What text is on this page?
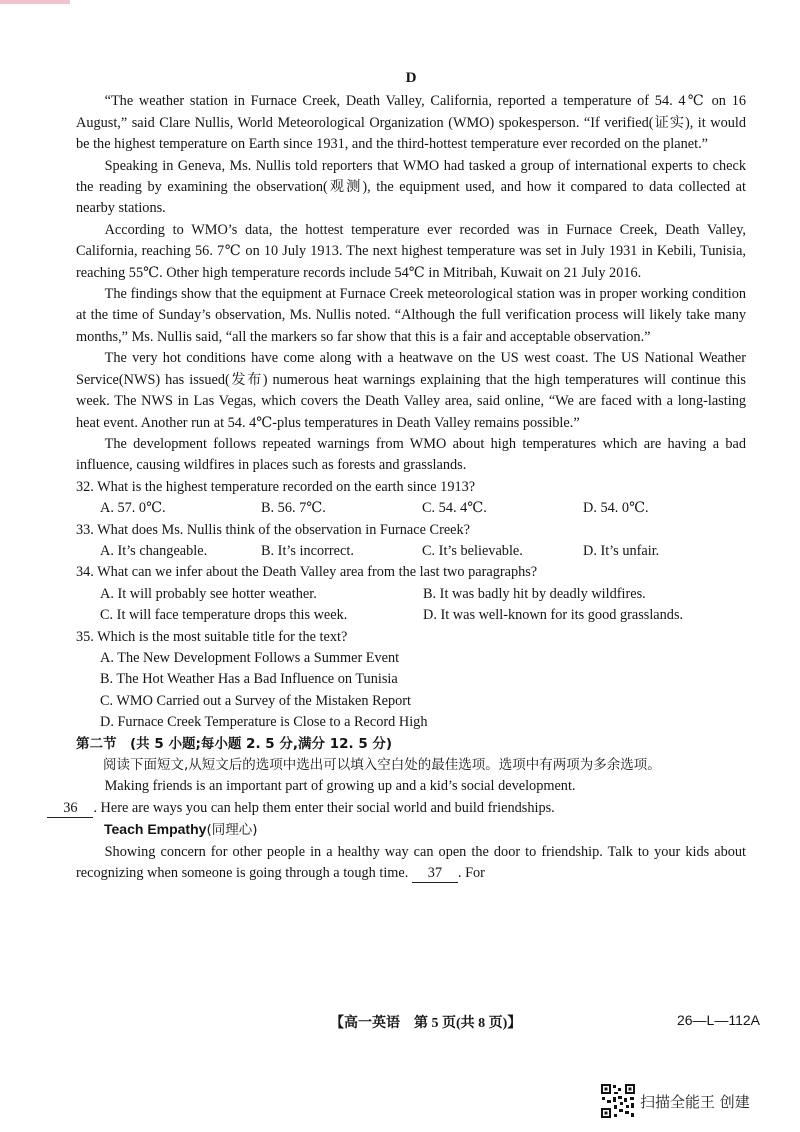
D

“The weather station in Furnace Creek, Death Valley, California, reported a temperature of 54. 4℃ on 16 August,” said Clare Nullis, World Meteorological Organization (WMO) spokesperson. “If verified(证实), it would be the highest temperature on Earth since 1931, and the third-hottest temperature ever recorded on the planet.”

Speaking in Geneva, Ms. Nullis told reporters that WMO had tasked a group of international experts to check the reading by examining the observation(观测), the equipment used, and how it compared to data collected at nearby stations.

According to WMO’s data, the hottest temperature ever recorded was in Furnace Creek, Death Valley, California, reaching 56. 7℃ on 10 July 1913. The next highest temperature was set in July 1931 in Kebili, Tunisia, reaching 55℃. Other high temperature records include 54℃ in Mitribah, Kuwait on 21 July 2016.

The findings show that the equipment at Furnace Creek meteorological station was in proper working condition at the time of Sunday’s observation, Ms. Nullis noted. “Although the full verification process will likely take many months,” Ms. Nullis said, “all the markers so far show that this is a fair and acceptable observation.”

The very hot conditions have come along with a heatwave on the US west coast. The US National Weather Service(NWS) has issued(发布) numerous heat warnings explaining that the high temperatures will continue this week. The NWS in Las Vegas, which covers the Death Valley area, said online, “We are faced with a long-lasting heat event. Another run at 54. 4℃-plus temperatures in Death Valley remains possible.”

The development follows repeated warnings from WMO about high temperatures which are having a bad influence, causing wildfires in places such as forests and grasslands.

32. What is the highest temperature recorded on the earth since 1913?

A. 57. 0℃.	B. 56. 7℃.	C. 54. 4℃.	D. 54. 0℃.

33. What does Ms. Nullis think of the observation in Furnace Creek?

A. It’s changeable.	B. It’s incorrect.	C. It’s believable.	D. It’s unfair.

34. What can we infer about the Death Valley area from the last two paragraphs?

A. It will probably see hotter weather.	B. It was badly hit by deadly wildfires.
C. It will face temperature drops this week.	D. It was well-known for its good grasslands.

35. Which is the most suitable title for the text?

A. The New Development Follows a Summer Event
B. The Hot Weather Has a Bad Influence on Tunisia
C. WMO Carried out a Survey of the Mistaken Report
D. Furnace Creek Temperature is Close to a Record High

第二节　(共 5 小题;每小题 2. 5 分,满分 12. 5 分)

阅读下面短文,从短文后的选项中选出可以填入空白处的最佳选项。选项中有两项为多余选项。

Making friends is an important part of growing up and a kid’s social development.
36 . Here are ways you can help them enter their social world and build friendships.

Teach Empathy(同理心)

Showing concern for other people in a healthy way can open the door to friendship. Talk to your kids about recognizing when someone is going through a tough time. 37 . For

【高一英语　第 5 页(共 8 页)】	26—L—112A
扫描全能王 创建
